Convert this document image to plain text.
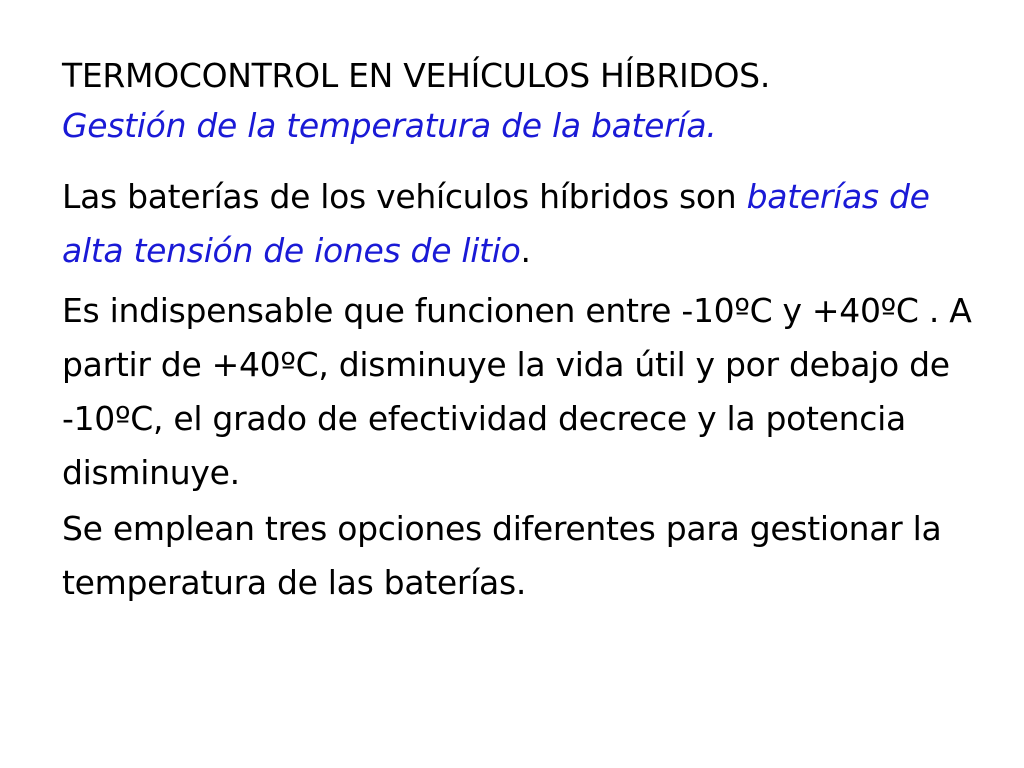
TERMOCONTROL EN VEHÍCULOS HÍBRIDOS.
Gestión de la temperatura de la batería.

Las baterías de los vehículos híbridos son baterías de alta tensión de iones de litio.

Es indispensable que funcionen entre -10ºC y +40ºC . A partir de +40ºC, disminuye la vida útil y por debajo de -10ºC, el grado de efectividad decrece y la potencia disminuye.

Se emplean tres opciones diferentes para gestionar la temperatura de las baterías.
